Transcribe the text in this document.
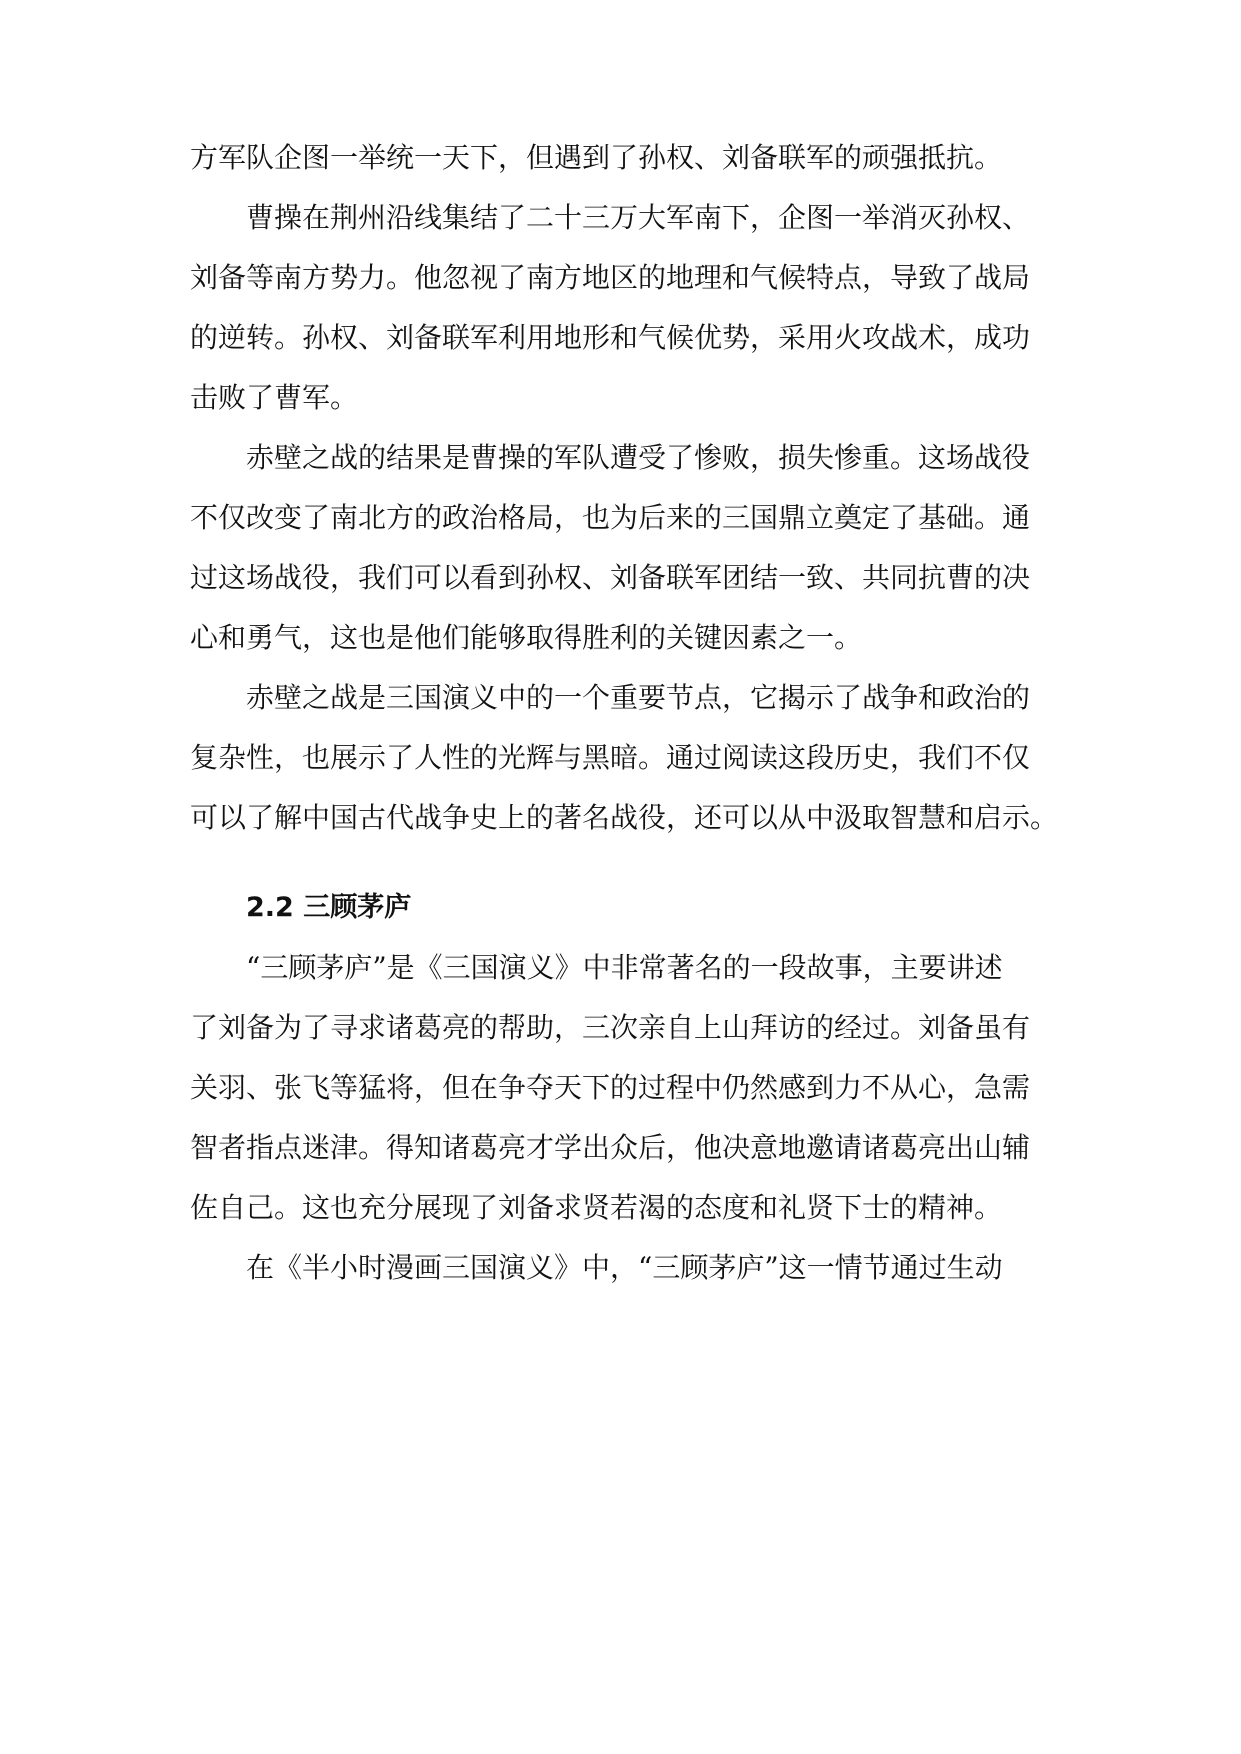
方军队企图一举统一天下，但遇到了孙权、刘备联军的顽强抵抗。
曹操在荆州沿线集结了二十三万大军南下，企图一举消灭孙权、
刘备等南方势力。他忽视了南方地区的地理和气候特点，导致了战局
的逆转。孙权、刘备联军利用地形和气候优势，采用火攻战术，成功
击败了曹军。
赤壁之战的结果是曹操的军队遭受了惨败，损失惨重。这场战役
不仅改变了南北方的政治格局，也为后来的三国鼎立奠定了基础。通
过这场战役，我们可以看到孙权、刘备联军团结一致、共同抗曹的决
心和勇气，这也是他们能够取得胜利的关键因素之一。
赤壁之战是三国演义中的一个重要节点，它揭示了战争和政治的
复杂性，也展示了人性的光辉与黑暗。通过阅读这段历史，我们不仅
可以了解中国古代战争史上的著名战役，还可以从中汲取智慧和启示。
2.2 三顾茅庐
“三顾茅庐”是《三国演义》中非常著名的一段故事，主要讲述
了刘备为了寻求诸葛亮的帮助，三次亲自上山拜访的经过。刘备虽有
关羽、张飞等猛将，但在争夺天下的过程中仍然感到力不从心，急需
智者指点迷津。得知诸葛亮才学出众后，他决意地邀请诸葛亮出山辅
佐自己。这也充分展现了刘备求贤若渴的态度和礼贤下士的精神。
在《半小时漫画三国演义》中，“三顾茅庐”这一情节通过生动
